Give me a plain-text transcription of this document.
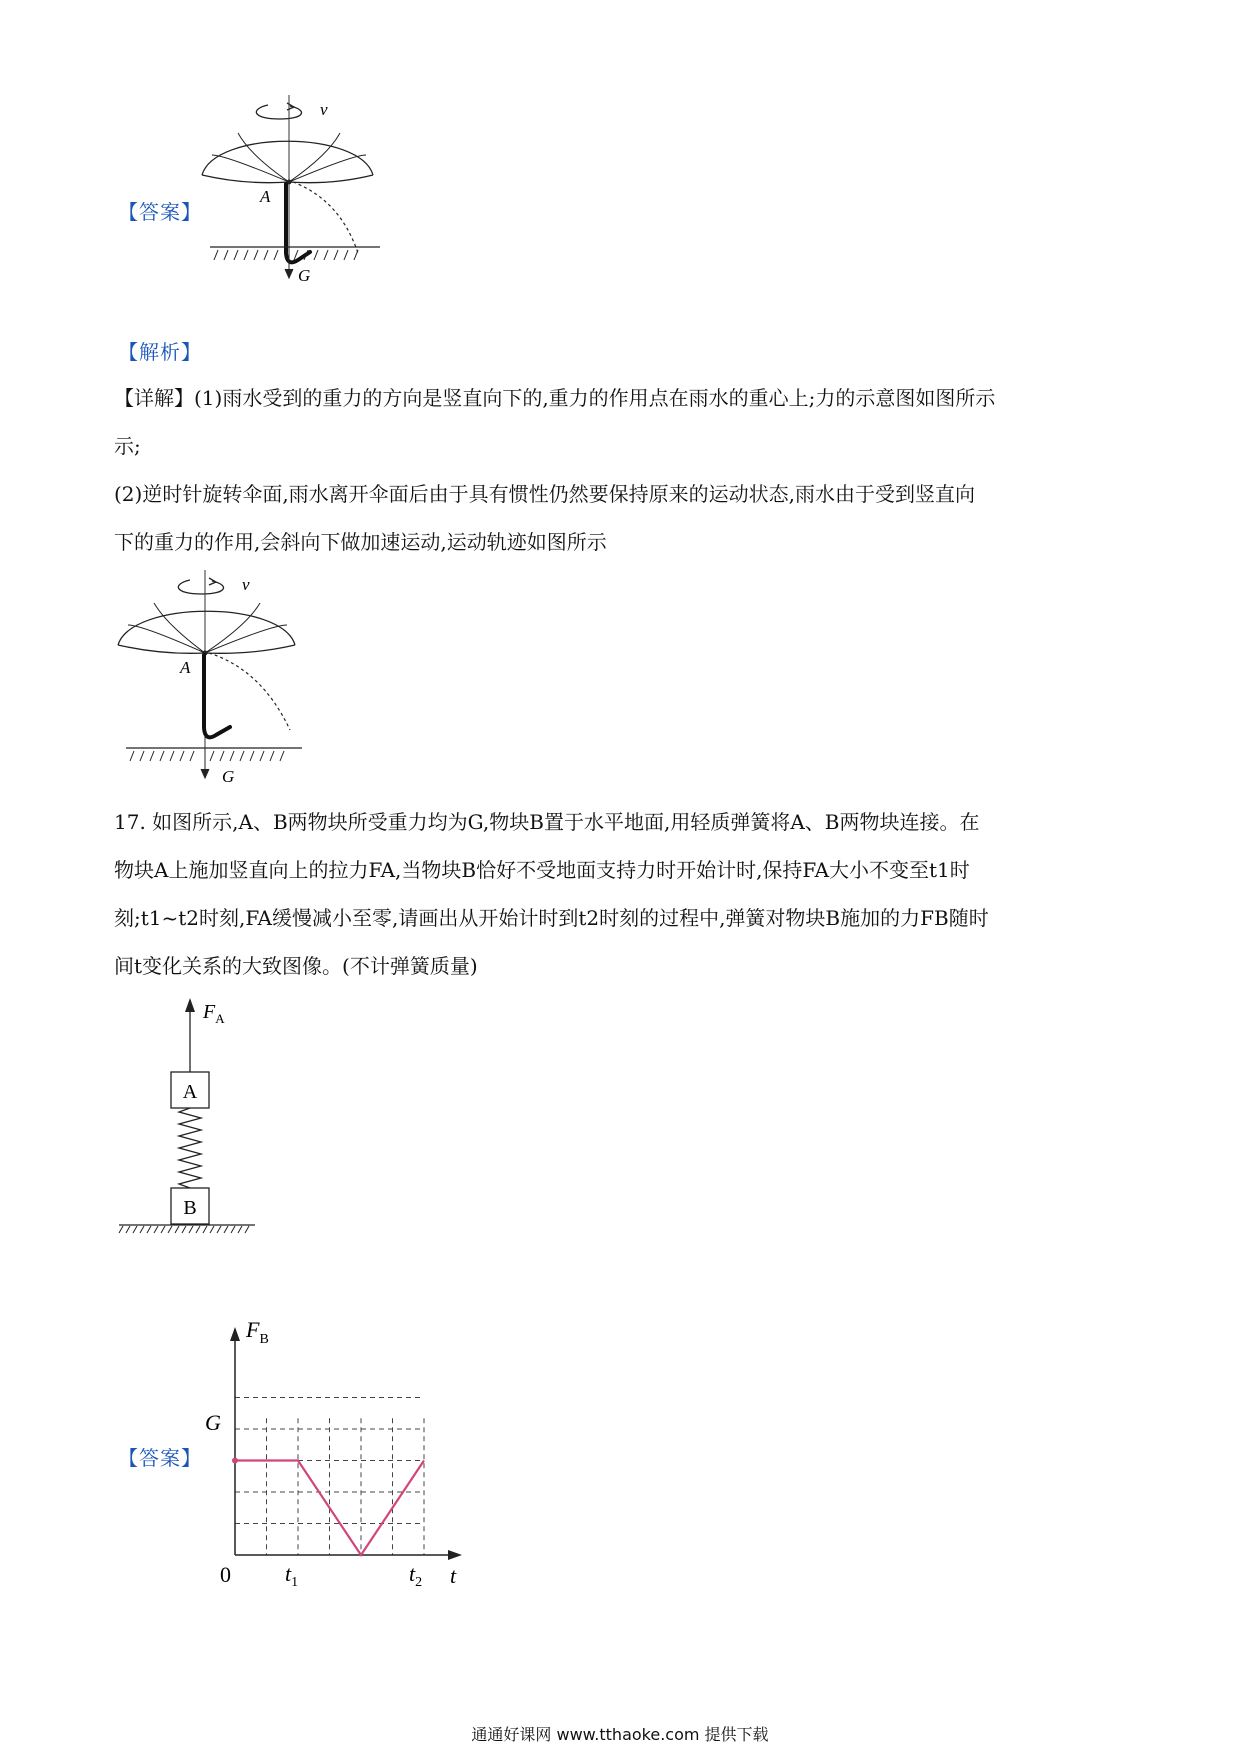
【答案】
v
A
G
【解析】

【详解】(1)雨水受到的重力的方向是竖直向下的,重力的作用点在雨水的重心上;力的示意图如图所示

示;

(2)逆时针旋转伞面,雨水离开伞面后由于具有惯性仍然要保持原来的运动状态,雨水由于受到竖直向

下的重力的作用,会斜向下做加速运动,运动轨迹如图所示

v
A
G

17. 如图所示,A、B两物块所受重力均为G,物块B置于水平地面,用轻质弹簧将A、B两物块连接。在

物块A上施加竖直向上的拉力FA,当物块B恰好不受地面支持力时开始计时,保持FA大小不变至t1时

刻;t1~t2时刻,FA缓慢减小至零,请画出从开始计时到t2时刻的过程中,弹簧对物块B施加的力FB随时

间t变化关系的大致图像。(不计弹簧质量)

$F_A$
A
B
【答案】
$F_B$
G
0 $t_1$	$t_2$ t
通通好课网 www.tthaoke.com 提供下载
